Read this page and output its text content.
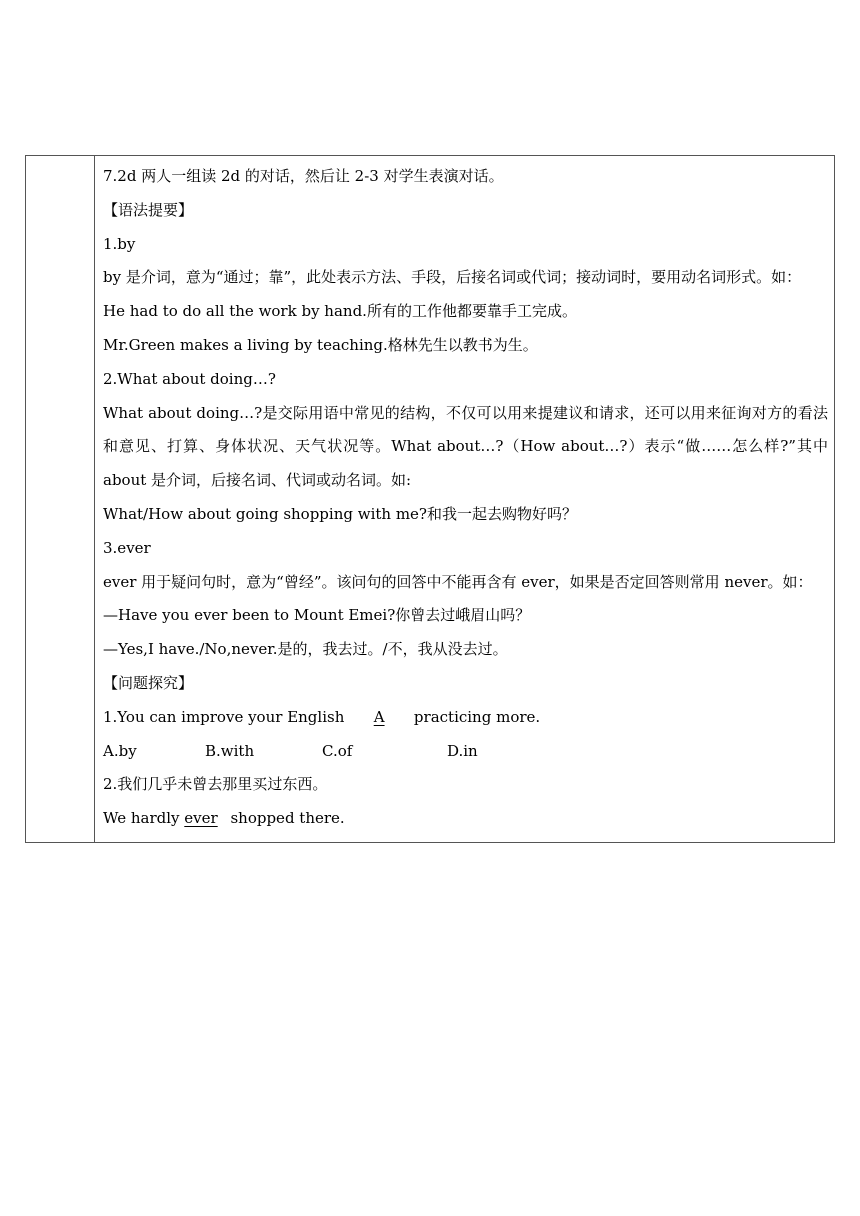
7.2d 两人一组读 2d 的对话，然后让 2-3 对学生表演对话。
【语法提要】
1.by
by 是介词，意为“通过；靠”，此处表示方法、手段，后接名词或代词；接动词时，要用动名词形式。如：
He had to do all the work by hand.所有的工作他都要靠手工完成。
Mr.Green makes a living by teaching.格林先生以教书为生。
2.What about doing…?
What about doing…?是交际用语中常见的结构，不仅可以用来提建议和请求，还可以用来征询对方的看法和意见、打算、身体状况、天气状况等。What about…?（How about…?）表示“做……怎么样?”其中 about 是介词，后接名词、代词或动名词。如:
What/How about going shopping with me?和我一起去购物好吗？
3.ever
ever 用于疑问句时，意为“曾经”。该问句的回答中不能再含有 ever，如果是否定回答则常用 never。如：
—Have you ever been to Mount Emei?你曾去过峨眉山吗？
—Yes,I have./No,never.是的，我去过。/不，我从没去过。
【问题探究】
1.You can improve your English A practicing more.
A.by	B.with	C.of	D.in
2.我们几乎未曾去那里买过东西。
We hardly ever shopped there.
